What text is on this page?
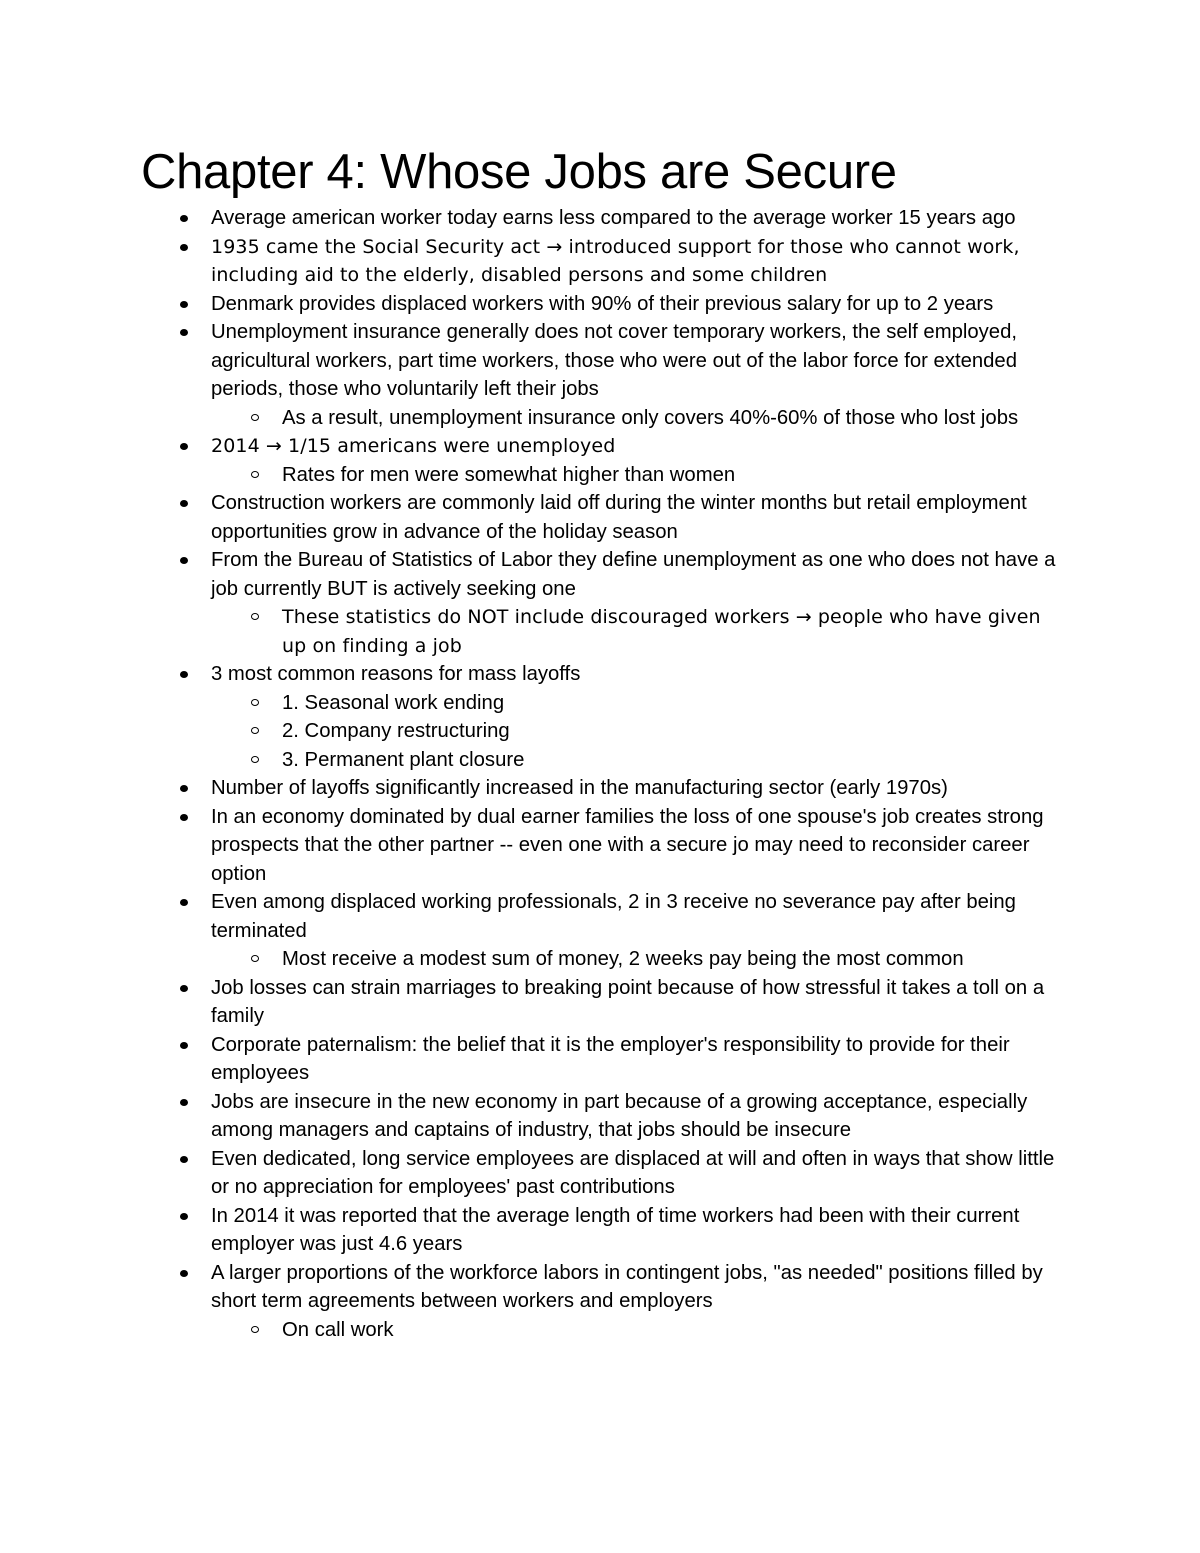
Chapter 4: Whose Jobs are Secure
Average american worker today earns less compared to the average worker 15 years ago
1935 came the Social Security act → introduced support for those who cannot work, including aid to the elderly, disabled persons and some children
Denmark provides displaced workers with 90% of their previous salary for up to 2 years
Unemployment insurance generally does not cover temporary workers, the self employed, agricultural workers, part time workers, those who were out of the labor force for extended periods, those who voluntarily left their jobs
As a result, unemployment insurance only covers 40%-60% of those who lost jobs
2014 → 1/15 americans were unemployed
Rates for men were somewhat higher than women
Construction workers are commonly laid off during the winter months but retail employment opportunities grow in advance of the holiday season
From the Bureau of Statistics of Labor they define unemployment as one who does not have a job currently BUT is actively seeking one
These statistics do NOT include discouraged workers → people who have given up on finding a job
3 most common reasons for mass layoffs
1. Seasonal work ending
2. Company restructuring
3. Permanent plant closure
Number of layoffs significantly increased in the manufacturing sector (early 1970s)
In an economy dominated by dual earner families the loss of one spouse's job creates strong prospects that the other partner -- even one with a secure jo may need to reconsider career option
Even among displaced working professionals, 2 in 3 receive no severance pay after being terminated
Most receive a modest sum of money, 2 weeks pay being the most common
Job losses can strain marriages to breaking point because of how stressful it takes a toll on a family
Corporate paternalism: the belief that it is the employer's responsibility to provide for their employees
Jobs are insecure in the new economy in part because of a growing acceptance, especially among managers and captains of industry, that jobs should be insecure
Even dedicated, long service employees are displaced at will and often in ways that show little or no appreciation for employees' past contributions
In 2014 it was reported that the average length of time workers had been with their current employer was just 4.6 years
A larger proportions of the workforce labors in contingent jobs, "as needed" positions filled by short term agreements between workers and employers
On call work
